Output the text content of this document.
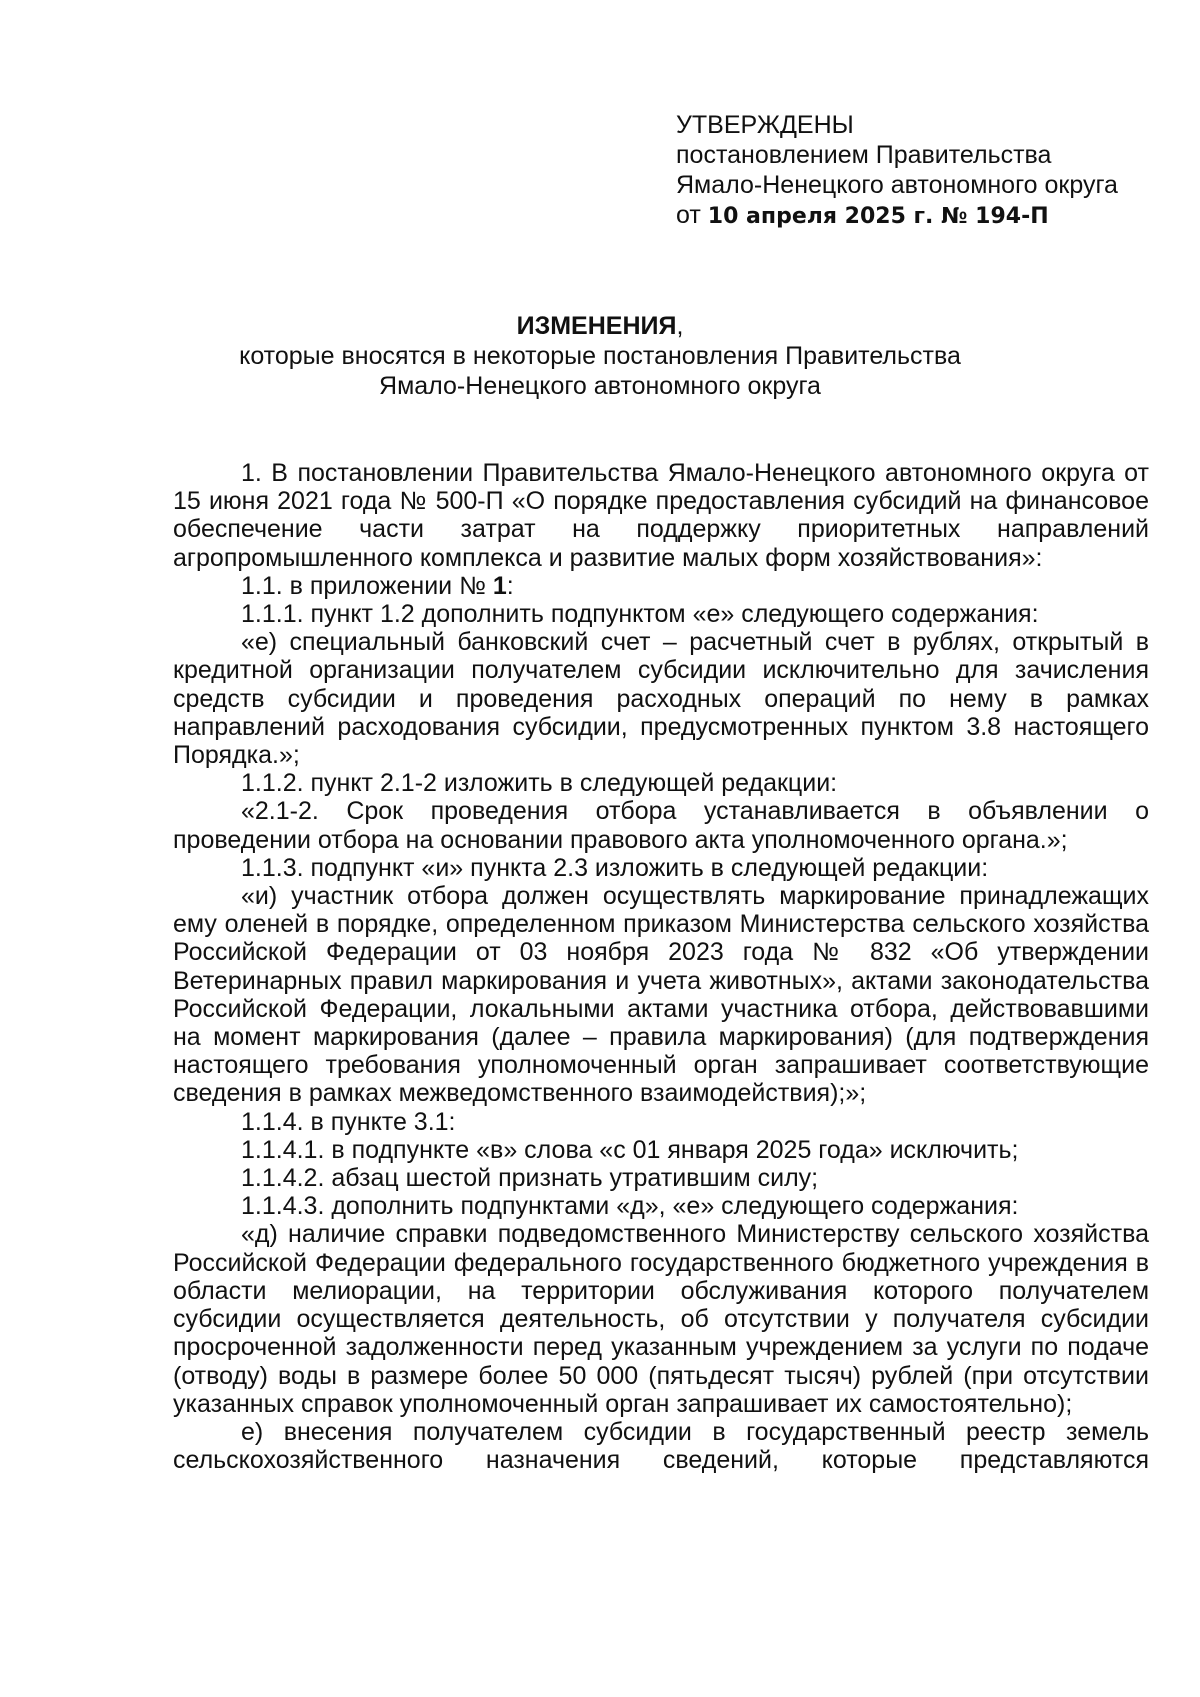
УТВЕРЖДЕНЫ

постановлением Правительства

Ямало-Ненецкого автономного округа

от 10 апреля 2025 г. № 194-П

ИЗМЕНЕНИЯ,
которые вносятся в некоторые постановления Правительства
Ямало-Ненецкого автономного округа

1. В постановлении Правительства Ямало-Ненецкого автономного округа от 15 июня 2021 года № 500-П «О порядке предоставления субсидий на финансовое обеспечение части затрат на поддержку приоритетных направлений агропромышленного комплекса и развитие малых форм хозяйствования»:

1.1. в приложении № 1:

1.1.1. пункт 1.2 дополнить подпунктом «е» следующего содержания:

«е) специальный банковский счет – расчетный счет в рублях, открытый в кредитной организации получателем субсидии исключительно для зачисления средств субсидии и проведения расходных операций по нему в рамках направлений расходования субсидии, предусмотренных пунктом 3.8 настоящего Порядка.»;

1.1.2. пункт 2.1-2 изложить в следующей редакции:

«2.1-2. Срок проведения отбора устанавливается в объявлении о проведении отбора на основании правового акта уполномоченного органа.»;

1.1.3. подпункт «и» пункта 2.3 изложить в следующей редакции:

«и) участник отбора должен осуществлять маркирование принадлежащих ему оленей в порядке, определенном приказом Министерства сельского хозяйства Российской Федерации от 03 ноября 2023 года № 832 «Об утверждении Ветеринарных правил маркирования и учета животных», актами законодательства Российской Федерации, локальными актами участника отбора, действовавшими на момент маркирования (далее – правила маркирования) (для подтверждения настоящего требования уполномоченный орган запрашивает соответствующие сведения в рамках межведомственного взаимодействия);»;

1.1.4. в пункте 3.1:

1.1.4.1. в подпункте «в» слова «с 01 января 2025 года» исключить;

1.1.4.2. абзац шестой признать утратившим силу;

1.1.4.3. дополнить подпунктами «д», «е» следующего содержания:

«д) наличие справки подведомственного Министерству сельского хозяйства Российской Федерации федерального государственного бюджетного учреждения в области мелиорации, на территории обслуживания которого получателем субсидии осуществляется деятельность, об отсутствии у получателя субсидии просроченной задолженности перед указанным учреждением за услуги по подаче (отводу) воды в размере более 50 000 (пятьдесят тысяч) рублей (при отсутствии указанных справок уполномоченный орган запрашивает их самостоятельно);

е) внесения получателем субсидии в государственный реестр земель сельскохозяйственного назначения сведений, которые представляются
